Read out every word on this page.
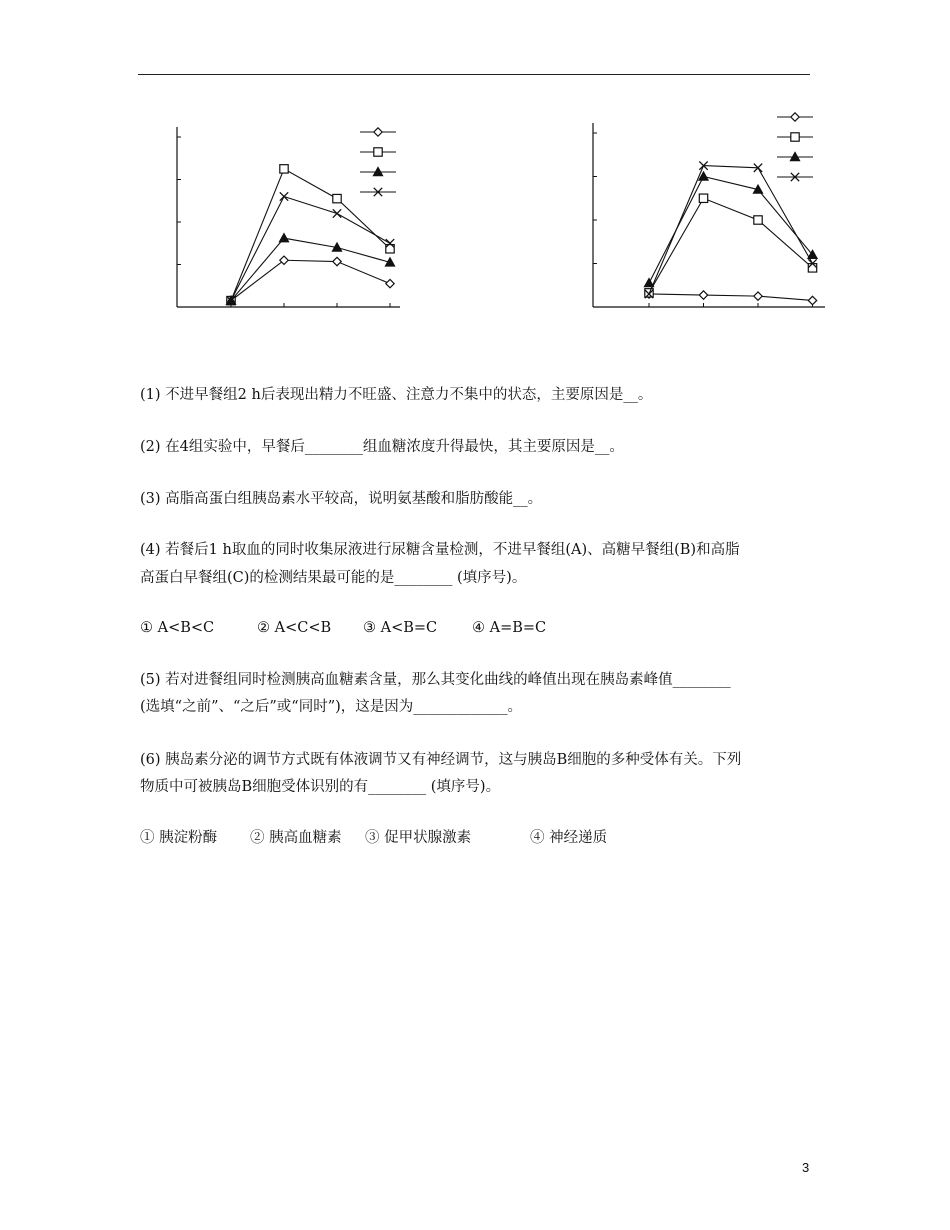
(1) 不进早餐组2 h后表现出精力不旺盛、注意力不集中的状态，主要原因是__。
(2) 在4组实验中，早餐后________组血糖浓度升得最快，其主要原因是__。
(3) 高脂高蛋白组胰岛素水平较高，说明氨基酸和脂肪酸能__。
(4) 若餐后1 h取血的同时收集尿液进行尿糖含量检测，不进早餐组(A)、高糖早餐组(B)和高脂
高蛋白早餐组(C)的检测结果最可能的是________ (填序号)。
① A<B<C	② A<C<B ③ A<B=C ④ A=B=C
(5) 若对进餐组同时检测胰高血糖素含量，那么其变化曲线的峰值出现在胰岛素峰值________
(选填“之前”、“之后”或“同时”)，这是因为_____________。
(6) 胰岛素分泌的调节方式既有体液调节又有神经调节，这与胰岛B细胞的多种受体有关。下列
物质中可被胰岛B细胞受体识别的有________ (填序号)。
① 胰淀粉酶 ② 胰高血糖素 ③ 促甲状腺激素	④ 神经递质
3
